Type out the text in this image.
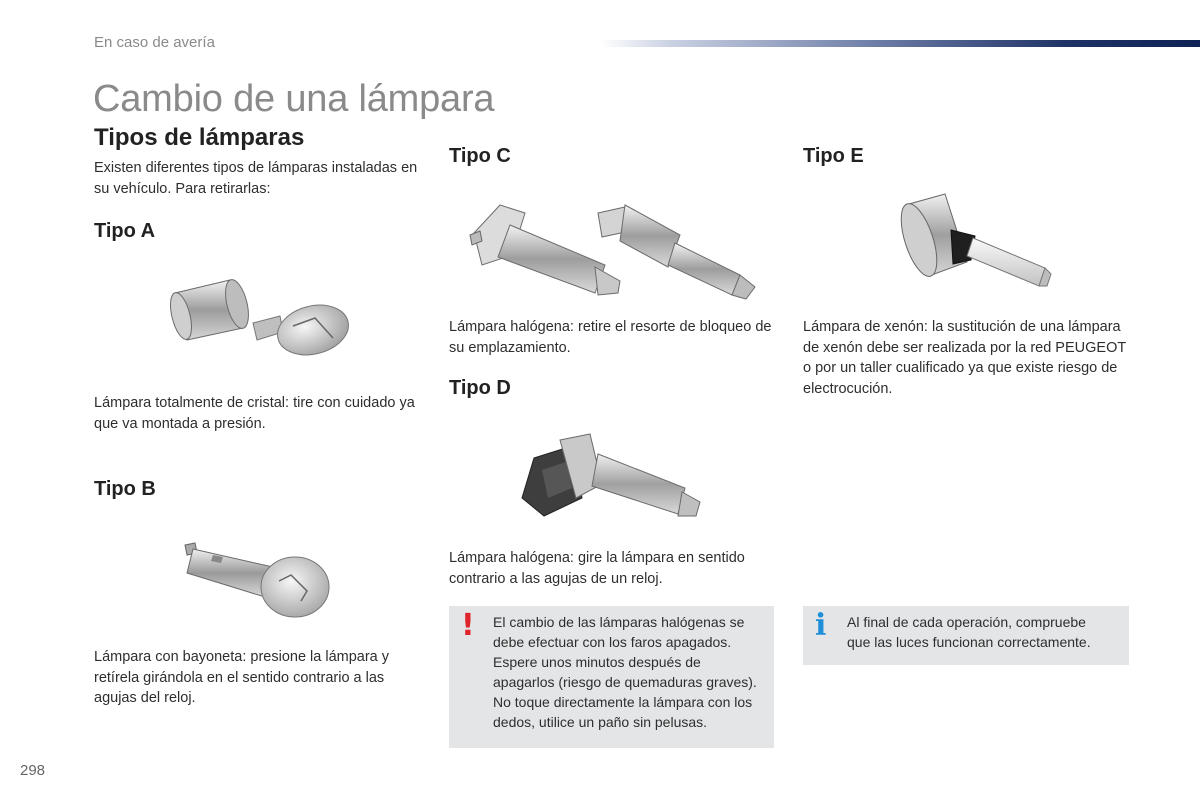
En caso de avería
Cambio de una lámpara
Tipos de lámparas

Existen diferentes tipos de lámparas instaladas en su vehículo. Para retirarlas:

Tipo A

Lámpara totalmente de cristal: tire con cuidado ya que va montada a presión.

Tipo B

Lámpara con bayoneta: presione la lámpara y retírela girándola en el sentido contrario a las agujas del reloj.

Tipo C

Lámpara halógena: retire el resorte de bloqueo de su emplazamiento.

Tipo D

Lámpara halógena: gire la lámpara en sentido contrario a las agujas de un reloj.

! El cambio de las lámparas halógenas se
debe efectuar con los faros apagados.
Espere unos minutos después de
apagarlos (riesgo de quemaduras graves).
No toque directamente la lámpara con los
dedos, utilice un paño sin pelusas.
Tipo E

Lámpara de xenón: la sustitución de una lámpara de xenón debe ser realizada por la red PEUGEOT o por un taller cualificado ya que existe riesgo de electrocución.

i Al final de cada operación, compruebe
que las luces funcionan correctamente.
298
